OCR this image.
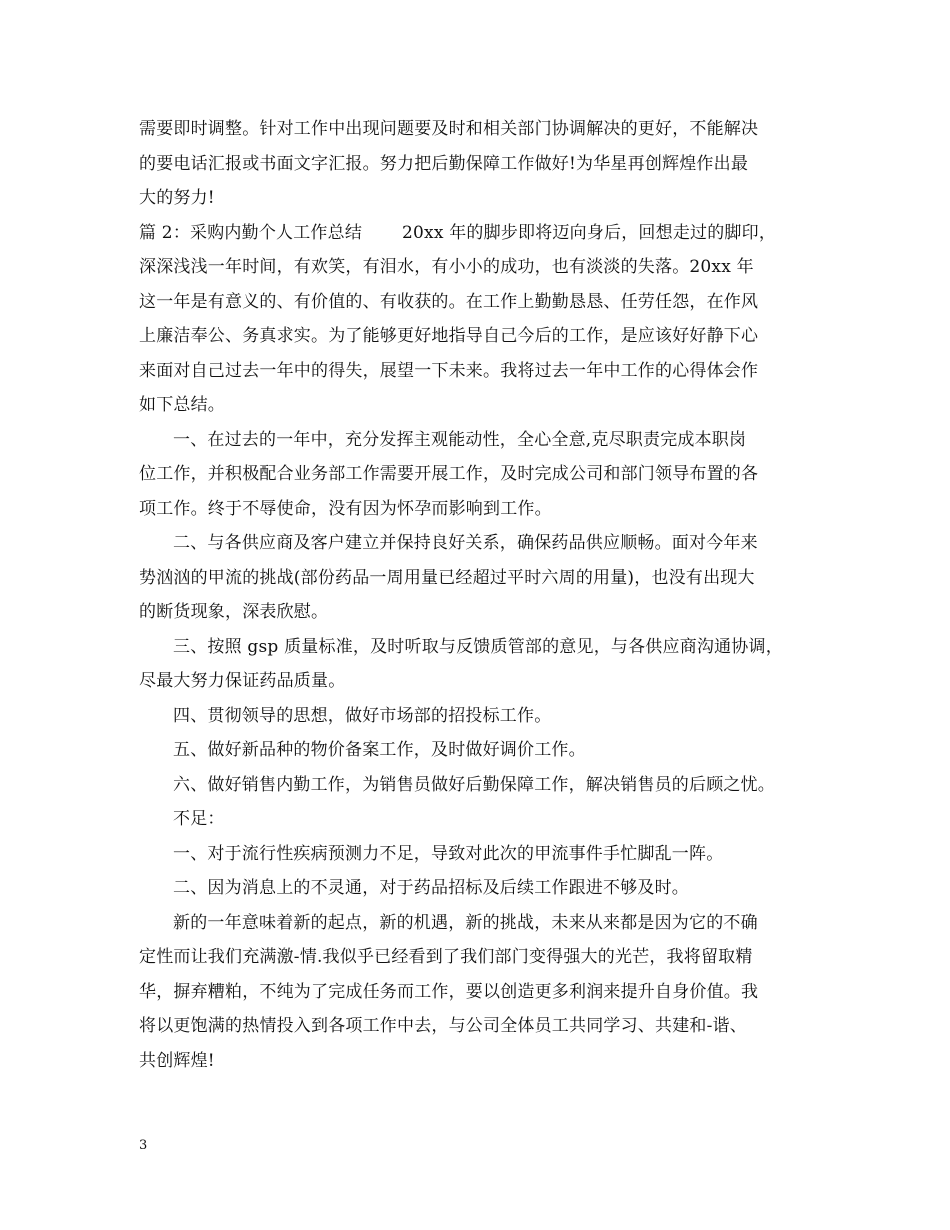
需要即时调整。针对工作中出现问题要及时和相关部门协调解决的更好，不能解决
的要电话汇报或书面文字汇报。努力把后勤保障工作做好!为华星再创辉煌作出最
大的努力!
篇 2：采购内勤个人工作总结　　 20xx 年的脚步即将迈向身后，回想走过的脚印，
深深浅浅一年时间，有欢笑，有泪水，有小小的成功，也有淡淡的失落。20xx 年
这一年是有意义的、有价值的、有收获的。在工作上勤勤恳恳、任劳任怨，在作风
上廉洁奉公、务真求实。为了能够更好地指导自己今后的工作，是应该好好静下心
来面对自己过去一年中的得失，展望一下未来。我将过去一年中工作的心得体会作
如下总结。
一、在过去的一年中，充分发挥主观能动性，全心全意,克尽职责完成本职岗
位工作，并积极配合业务部工作需要开展工作，及时完成公司和部门领导布置的各
项工作。终于不辱使命，没有因为怀孕而影响到工作。
二、与各供应商及客户建立并保持良好关系，确保药品供应顺畅。面对今年来
势汹汹的甲流的挑战(部份药品一周用量已经超过平时六周的用量)，也没有出现大
的断货现象，深表欣慰。
三、按照 gsp 质量标准，及时听取与反馈质管部的意见，与各供应商沟通协调，
尽最大努力保证药品质量。
四、贯彻领导的思想，做好市场部的招投标工作。
五、做好新品种的物价备案工作，及时做好调价工作。
六、做好销售内勤工作，为销售员做好后勤保障工作，解决销售员的后顾之忧。
不足：
一、对于流行性疾病预测力不足，导致对此次的甲流事件手忙脚乱一阵。
二、因为消息上的不灵通，对于药品招标及后续工作跟进不够及时。
新的一年意味着新的起点，新的机遇，新的挑战，未来从来都是因为它的不确
定性而让我们充满激-情.我似乎已经看到了我们部门变得强大的光芒，我将留取精
华，摒弃糟粕，不纯为了完成任务而工作，要以创造更多利润来提升自身价值。我
将以更饱满的热情投入到各项工作中去，与公司全体员工共同学习、共建和-谐、
共创辉煌!
3
